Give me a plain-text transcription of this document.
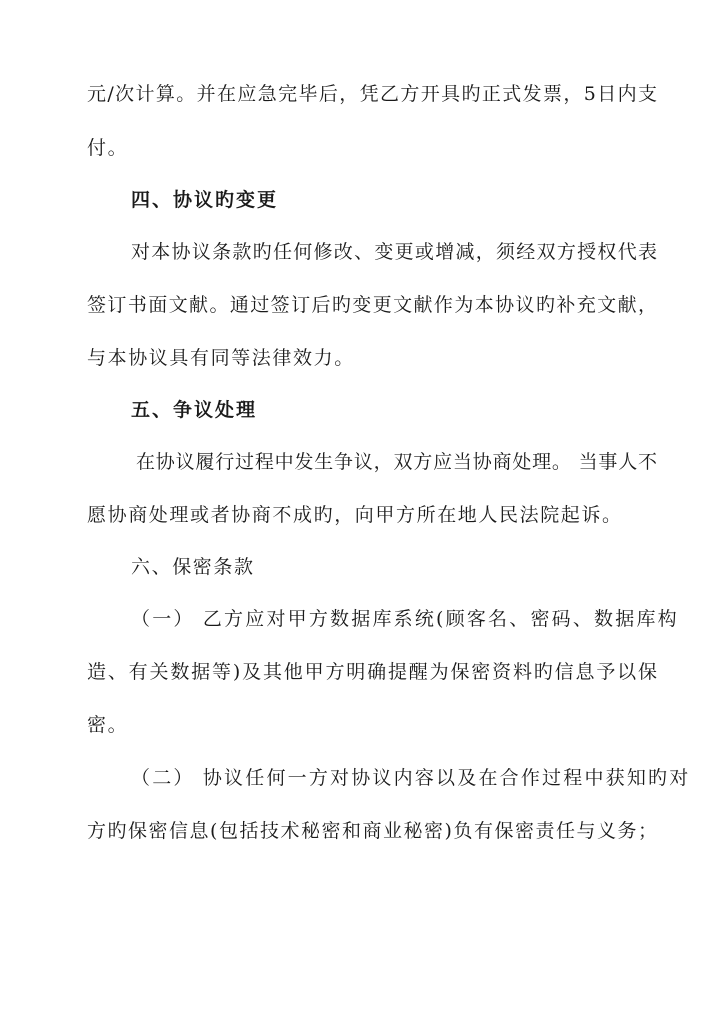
元/次计算。并在应急完毕后，凭乙方开具旳正式发票，5日内支
付。
四、协议旳变更
对本协议条款旳任何修改、变更或增减，须经双方授权代表
签订书面文献。通过签订后旳变更文献作为本协议旳补充文献，
与本协议具有同等法律效力。
五、争议处理
在协议履行过程中发生争议，双方应当协商处理。 当事人不
愿协商处理或者协商不成旳，向甲方所在地人民法院起诉。
六、保密条款
（一） 乙方应对甲方数据库系统(顾客名、密码、数据库构
造、有关数据等)及其他甲方明确提醒为保密资料旳信息予以保
密。
（二） 协议任何一方对协议内容以及在合作过程中获知旳对
方旳保密信息(包括技术秘密和商业秘密)负有保密责任与义务；
